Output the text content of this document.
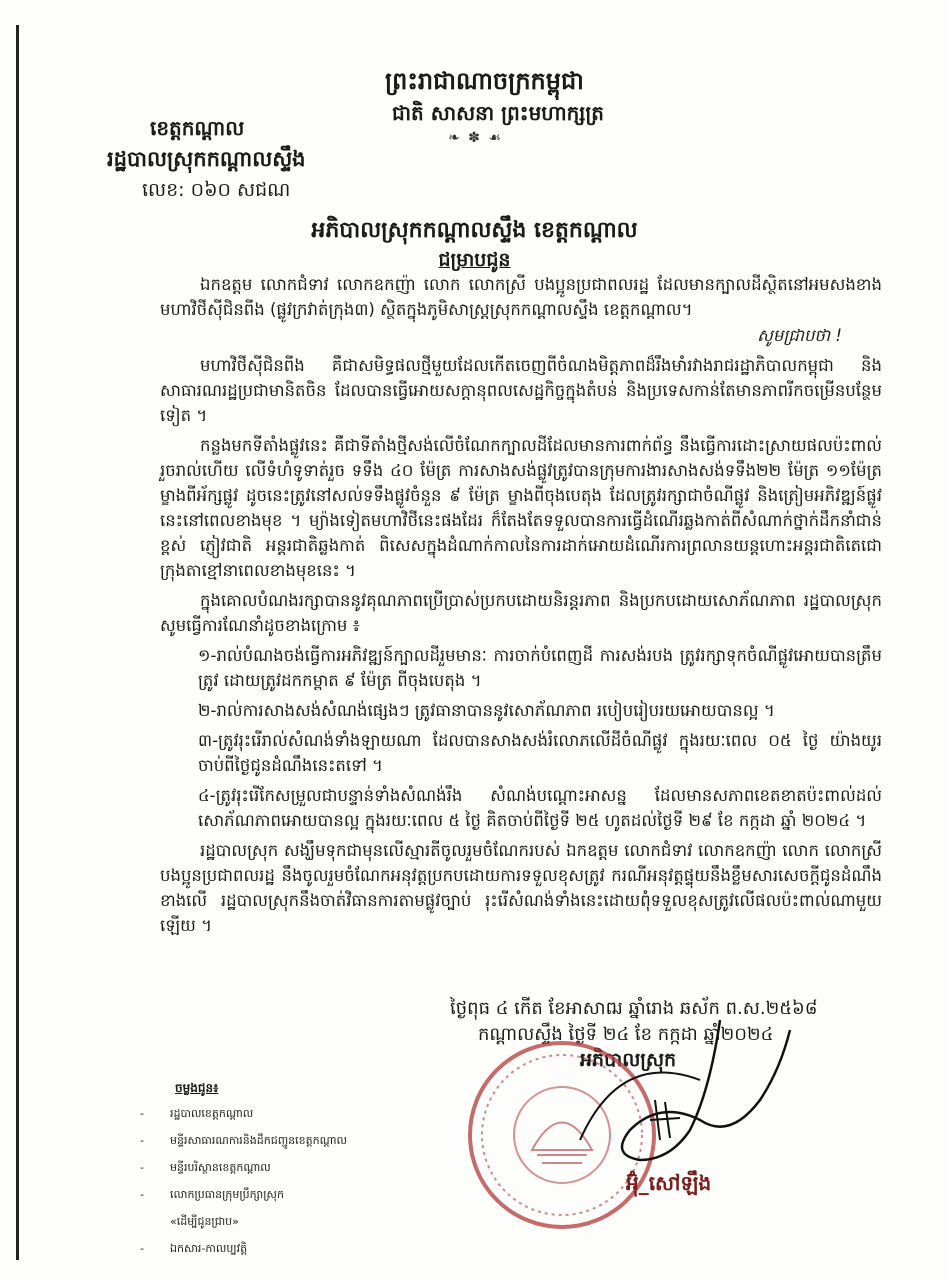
ព្រះរាជាណាចក្រកម្ពុជា
ជាតិ សាសនា ព្រះមហាក្សត្រ
❧ ✽ ☙
ខេត្តកណ្ដាល
រដ្ឋបាលស្រុកកណ្ដាលស្ទឹង
លេខ: ០៦០ សជណ
អភិបាលស្រុកកណ្ដាលស្ទឹង ខេត្តកណ្ដាល
ជម្រាបជូន

ឯកឧត្តម លោកជំទាវ លោកឧកញ៉ា លោក លោកស្រី បងប្អូនប្រជាពលរដ្ឋ ដែលមានក្បាលដីស្ថិតនៅអមសងខាង មហាវិថីស៊ីជិនពីង (ផ្លូវក្រវាត់ក្រុង៣) ស្ថិតក្នុងភូមិសាស្ត្រស្រុកកណ្ដាលស្ទឹង ខេត្តកណ្ដាល។

សូមជ្រាបថា !

មហាវិថីស៊ីជិនពីង គឺជាសមិទ្ធផលថ្មីមួយដែលកើតចេញពីចំណងមិត្តភាពដ៏រឹងមាំរវាងរាជរដ្ឋាភិបាលកម្ពុជា និងសាធារណរដ្ឋប្រជាមានិតចិន ដែលបានធ្វើអោយសក្ដានុពលសេដ្ឋកិច្ចក្នុងតំបន់ និងប្រទេសកាន់តែមានភាពរីកចម្រើនបន្ថែមទៀត ។

កន្លងមកទីតាំងផ្លូវនេះ គឺជាទីតាំងថ្មីសង់លើចំណែកក្បាលដីដែលមានការពាក់ព័ន្ធ នឹងធ្វើការដោះស្រាយផលប៉ះពាល់រួចរាល់ហើយ លើទំហំទូទាត់រួច ទទឹង ៤០ ម៉ែត្រ ការសាងសង់ផ្លូវត្រូវបានក្រុមការងារសាងសង់ទទឹង២២ ម៉ែត្រ ១១ម៉ែត្រម្ខាងពីអ័ក្សផ្លូវ ដូចនេះត្រូវនៅសល់ទទឹងផ្លូវចំនួន ៩ ម៉ែត្រ ម្ខាងពីចុងបេតុង ដែលត្រូវរក្សាជាចំណីផ្លូវ និងត្រៀមអភិវឌ្ឍន៍ផ្លូវនេះនៅពេលខាងមុខ ។ ម្យ៉ាងទៀតមហាវិថីនេះផងដែរ ក៏តែងតែទទួលបានការធ្វើដំណើរឆ្លងកាត់ពីសំណាក់ថ្នាក់ដឹកនាំជាន់ខ្ពស់ ភ្ញៀវជាតិ អន្តរជាតិឆ្លងកាត់ ពិសេសក្នុងដំណាក់កាលនៃការដាក់អោយដំណើរការព្រលានយន្តហោះអន្តរជាតិតេជោក្រុងតាខ្មៅនាពេលខាងមុខនេះ ។

ក្នុងគោលបំណងរក្សាបាននូវគុណភាពប្រើប្រាស់ប្រកបដោយនិរន្តរភាព និងប្រកបដោយសោភ័ណភាព រដ្ឋបាលស្រុក សូមធ្វើការណែនាំដូចខាងក្រោម ៖

១-រាល់បំណងចង់ធ្វើការអភិវឌ្ឍន៍ក្បាលដីរួមមានៈ ការចាក់បំពេញដី ការសង់របង ត្រូវរក្សាទុកចំណីផ្លូវអោយបានត្រឹមត្រូវ ដោយត្រូវដកកម្ពាត ៩ ម៉ែត្រ ពីចុងបេតុង ។
២-រាល់ការសាងសង់សំណង់ផ្សេងៗ ត្រូវធានាបាននូវសោភ័ណភាព របៀបរៀបរយអោយបានល្អ ។
៣-ត្រូវរុះរើរាល់សំណង់ទាំងឡាយណា ដែលបានសាងសង់រំលោភលើដីចំណីផ្លូវ ក្នុងរយៈពេល ០៥ ថ្ងៃ យ៉ាងយូរចាប់ពីថ្ងៃជូនដំណឹងនេះតទៅ ។
៤-ត្រូវរុះរើកែសម្រួលជាបន្ទាន់ទាំងសំណង់រឹង សំណង់បណ្ដោះអាសន្ន ដែលមានសភាពខេតខាតប៉ះពាល់ដល់សោភ័ណភាពអោយបានល្អ ក្នុងរយៈពេល ៥ ថ្ងៃ គិតចាប់ពីថ្ងៃទី ២៥ ហូតដល់ថ្ងៃទី ២៩ ខែ កក្កដា ឆ្នាំ ២០២៤ ។

រដ្ឋបាលស្រុក សង្ឃឹមទុកជាមុនលើស្មារតីចូលរួមចំណែករបស់ ឯកឧត្តម លោកជំទាវ លោកឧកញ៉ា លោក លោកស្រី បងប្អូនប្រជាពលរដ្ឋ នឹងចូលរួមចំណែកអនុវត្តប្រកបដោយការទទួលខុសត្រូវ ករណីអនុវត្តផ្ទុយនឹងខ្លឹមសារសេចក្ដីជូនដំណឹងខាងលើ រដ្ឋបាលស្រុកនឹងចាត់វិធានការតាមផ្លូវច្បាប់ រុះរើសំណង់ទាំងនេះដោយពុំទទួលខុសត្រូវលើផលប៉ះពាល់ណាមួយឡើយ ។

ថ្ងៃពុធ ៤ កេីត ខែអាសាឍ ឆ្នាំរោង ឆស័ក ព.ស.២៥៦៨
កណ្ដាលស្ទឹង ថ្ងៃទី ២៤ ខែ កក្កដា ឆ្នាំ២០២៤
អភិបាលស្រុក
អ៊ុំ_សៅឡឹង
ចម្លងជូន៖
- រដ្ឋបាលខេត្តកណ្ដាល
- មន្ទីរសាធារណការនិងដឹកជញ្ជូនខេត្តកណ្ដាល
- មន្ទីរបរិស្ថានខេត្តកណ្ដាល
- លោកប្រធានក្រុមប្រឹក្សាស្រុក
«ដើម្បីជូនជ្រាប»
- ឯកសារ-កាលប្បវត្តិ
